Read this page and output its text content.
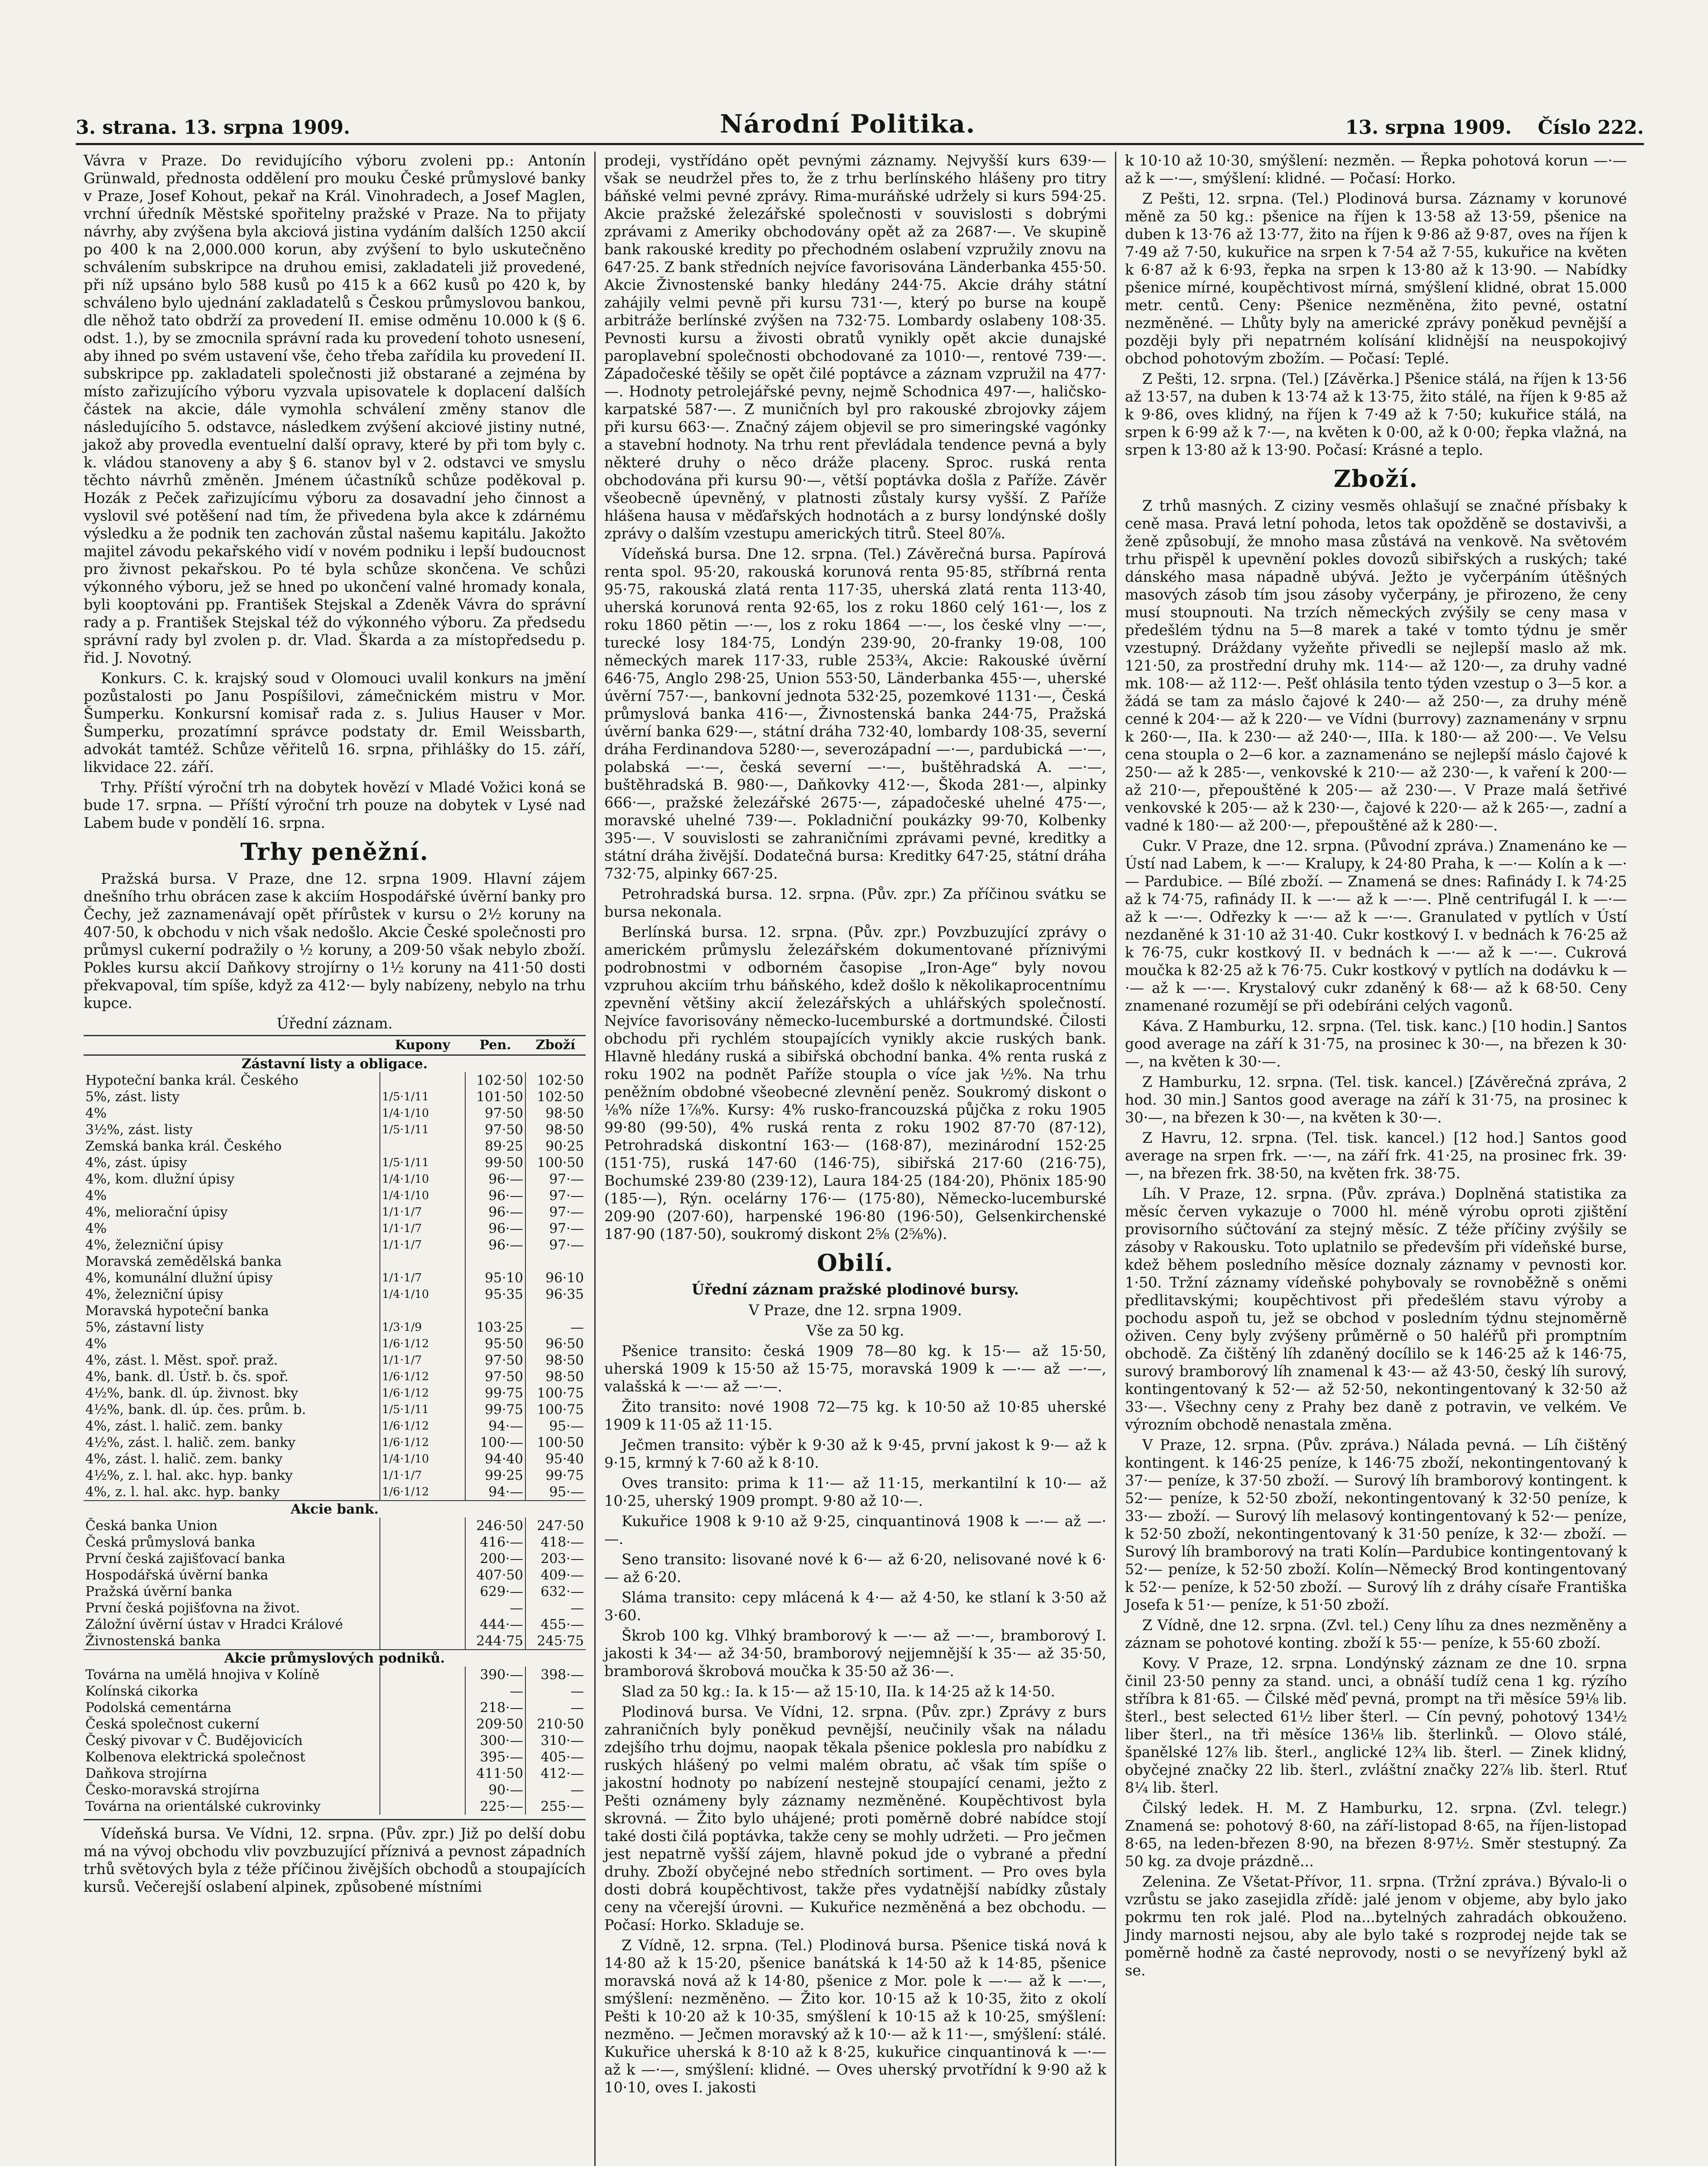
3. strana. 13. srpna 1909.	Národní Politika.	13. srpna 1909. Číslo 222.

Vávra v Praze. Do revidujícího výboru zvoleni pp.: Antonín Grünwald, přednosta oddělení pro mouku České průmyslové banky v Praze, Josef Kohout, pekař na Král. Vinohradech, a Josef Maglen, vrchní úředník Městské spořitelny pražské v Praze. Na to přijaty návrhy, aby zvýšena byla akciová jistina vydáním dalších 1250 akcií po 400 k na 2,000.000 korun, aby zvýšení to bylo uskutečněno schválením subskripce na druhou emisi, zakladateli již provedené, při níž upsáno bylo 588 kusů po 415 k a 662 kusů po 420 k, by schváleno bylo ujednání zakladatelů s Českou průmyslovou bankou, dle něhož tato obdrží za provedení II. emise odměnu 10.000 k (§ 6. odst. 1.), by se zmocnila správní rada ku provedení tohoto usnesení, aby ihned po svém ustavení vše, čeho třeba zařídila ku provedení II. subskripce pp. zakladateli společnosti již obstarané a zejména by místo zařizujícího výboru vyzvala upisovatele k doplacení dalších částek na akcie, dále vymohla schválení změny stanov dle následujícího 5. odstavce, následkem zvýšení akciové jistiny nutné, jakož aby provedla eventuelní další opravy, které by při tom byly c. k. vládou stanoveny a aby § 6. stanov byl v 2. odstavci ve smyslu těchto návrhů změněn. Jménem účastníků schůze poděkoval p. Hozák z Peček zařizujícímu výboru za dosavadní jeho činnost a vyslovil své potěšení nad tím, že přivedena byla akce k zdárnému výsledku a že podnik ten zachován zůstal našemu kapitálu. Jakožto majitel závodu pekařského vidí v novém podniku i lepší budoucnost pro živnost pekařskou. Po té byla schůze skončena. Ve schůzi výkonného výboru, jež se hned po ukončení valné hromady konala, byli kooptováni pp. František Stejskal a Zdeněk Vávra do správní rady a p. František Stejskal též do výkonného výboru. Za předsedu správní rady byl zvolen p. dr. Vlad. Škarda a za místopředsedu p. řid. J. Novotný.

Konkurs. C. k. krajský soud v Olomouci uvalil konkurs na jmění pozůstalosti po Janu Pospíšilovi, zámečnickém mistru v Mor. Šumperku. Konkursní komisař rada z. s. Julius Hauser v Mor. Šumperku, prozatímní správce podstaty dr. Emil Weissbarth, advokát tamtéž. Schůze věřitelů 16. srpna, přihlášky do 15. září, likvidace 22. září.

Trhy. Příští výroční trh na dobytek hovězí v Mladé Vožici koná se bude 17. srpna. — Příští výroční trh pouze na dobytek v Lysé nad Labem bude v pondělí 16. srpna.

Trhy peněžní.

Pražská bursa. V Praze, dne 12. srpna 1909. Hlavní zájem dnešního trhu obrácen zase k akciím Hospodářské úvěrní banky pro Čechy, jež zaznamenávají opět přírůstek v kursu o 2½ koruny na 407·50, k obchodu v nich však nedošlo. Akcie České společnosti pro průmysl cukerní podražily o ½ koruny, a 209·50 však nebylo zboží. Pokles kursu akcií Daňkovy strojírny o 1½ koruny na 411·50 dosti překvapoval, tím spíše, když za 412·— byly nabízeny, nebylo na trhu kupce.

Úřední záznam.
	Kupony	Pen.	Zboží
Zástavní listy a obligace.			
Hypoteční banka král. Českého		102·50	102·50
5%, zást. listy	1/5·1/11	101·50	102·50
4%	1/4·1/10	97·50	98·50
3½%, zást. listy	1/5·1/11	97·50	98·50
Zemská banka král. Českého		89·25	90·25
4%, zást. úpisy	1/5·1/11	99·50	100·50
4%, kom. dlužní úpisy	1/4·1/10	96·—	97·—
4%	1/4·1/10	96·—	97·—
4%, meliorační úpisy	1/1·1/7	96·—	97·—
4%	1/1·1/7	96·—	97·—
4%, železniční úpisy	1/1·1/7	96·—	97·—
Moravská zemědělská banka			
4%, komunální dlužní úpisy	1/1·1/7	95·10	96·10
4%, železniční úpisy	1/4·1/10	95·35	96·35
Moravská hypoteční banka			
5%, zástavní listy	1/3·1/9	103·25	—
4%	1/6·1/12	95·50	96·50
4%, zást. l. Měst. spoř. praž.	1/1·1/7	97·50	98·50
4%, bank. dl. Ústř. b. čs. spoř.	1/6·1/12	97·50	98·50
4½%, bank. dl. úp. živnost. bky	1/6·1/12	99·75	100·75
4½%, bank. dl. úp. čes. prům. b.	1/5·1/11	99·75	100·75
4%, zást. l. halič. zem. banky	1/6·1/12	94·—	95·—
4½%, zást. l. halič. zem. banky	1/6·1/12	100·—	100·50
4%, zást. l. halič. zem. banky	1/4·1/10	94·40	95·40
4½%, z. l. hal. akc. hyp. banky	1/1·1/7	99·25	99·75
4%, z. l. hal. akc. hyp. banky	1/6·1/12	94·—	95·—
Akcie bank.			
Česká banka Union		246·50	247·50
Česká průmyslová banka		416·—	418·—
První česká zajišťovací banka		200·—	203·—
Hospodářská úvěrní banka		407·50	409·—
Pražská úvěrní banka		629·—	632·—
První česká pojišťovna na život.		—	—
Záložní úvěrní ústav v Hradci Králové		444·—	455·—
Živnostenská banka		244·75	245·75
Akcie průmyslových podniků.			
Továrna na umělá hnojiva v Kolíně		390·—	398·—
Kolínská cikorka		—	—
Podolská cementárna		218·—	—
Česká společnost cukerní		209·50	210·50
Český pivovar v Č. Budějovicích		300·—	310·—
Kolbenova elektrická společnost		395·—	405·—
Daňkova strojírna		411·50	412·—
Česko-moravská strojírna		90·—	—
Továrna na orientálské cukrovinky		225·—	255·—

Vídeňská bursa. Ve Vídni, 12. srpna. (Pův. zpr.) Již po delší dobu má na vývoj obchodu vliv povzbuzující příznivá a pevnost západních trhů světových byla z téže příčinou živějších obchodů a stoupajících kursů. Večerejší oslabení alpinek, způsobené místními

prodeji, vystřídáno opět pevnými záznamy. Nejvyšší kurs 639·— však se neudržel přes to, že z trhu berlínského hlášeny pro titry báňské velmi pevné zprávy. Rima-muráňské udržely si kurs 594·25. Akcie pražské železářské společnosti v souvislosti s dobrými zprávami z Ameriky obchodovány opět až za 2687·—. Ve skupině bank rakouské kredity po přechodném oslabení vzpružily znovu na 647·25. Z bank středních nejvíce favorisována Länderbanka 455·50. Akcie Živnostenské banky hledány 244·75. Akcie dráhy státní zahájily velmi pevně při kursu 731·—, který po bursе na koupě arbitráže berlínské zvýšen na 732·75. Lombardy oslabeny 108·35. Pevnosti kursu a živosti obratů vynikly opět akcie dunajské paroplavební společnosti obchodované za 1010·—, rentové 739·—. Západočeské těšily se opět čilé poptávce a záznam vzpružil na 477·—. Hodnoty petrolejářské pevny, nejmě Schodnica 497·—, haličsko-karpatské 587·—. Z muničních byl pro rakouské zbrojovky zájem při kursu 663·—. Značný zájem objevil se pro simeringské vagónky a stavební hodnoty. Na trhu rent převládala tendence pevná a byly některé druhy o něco dráže placeny. Sproc. ruská renta obchodována při kursu 90·—, větší poptávka došla z Paříže. Závěr všeobecně úpevněný, v platnosti zůstaly kursy vyšší. Z Paříže hlášena hausa v měďařských hodnotách a z bursy londýnské došly zprávy o dalším vzestupu amerických titrů. Steel 80⅞.

Vídeňská bursa. Dne 12. srpna. (Tel.) Závěrečná bursa. Papírová renta spol. 95·20, rakouská korunová renta 95·85, stříbrná renta 95·75, rakouská zlatá renta 117·35, uherská zlatá renta 113·40, uherská korunová renta 92·65, los z roku 1860 celý 161·—, los z roku 1860 pětin —·—, los z roku 1864 —·—, los české vlny —·—, turecké losy 184·75, Londýn 239·90, 20-franky 19·08, 100 německých marek 117·33, ruble 253¾, Akcie: Rakouské úvěrní 646·75, Anglo 298·25, Union 553·50, Länderbanka 455·—, uherské úvěrní 757·—, bankovní jednota 532·25, pozemkové 1131·—, Česká průmyslová banka 416·—, Živnostenská banka 244·75, Pražská úvěrní banka 629·—, státní dráha 732·40, lombardy 108·35, severní dráha Ferdinandova 5280·—, severozápadní —·—, pardubická —·—, polabská —·—, česká severní —·—, buštěhradská A. —·—, buštěhradská B. 980·—, Daňkovky 412·—, Škoda 281·—, alpinky 666·—, pražské železářské 2675·—, západočeské uhelné 475·—, moravské uhelné 739·—. Pokladniční poukázky 99·70, Kolbenky 395·—. V souvislosti se zahraničními zprávami pevné, kreditky a státní dráha živější. Dodatečná bursa: Kreditky 647·25, státní dráha 732·75, alpinky 667·25.

Petrohradská bursa. 12. srpna. (Pův. zpr.) Za příčinou svátku se bursa nekonala.

Berlínská bursa. 12. srpna. (Pův. zpr.) Povzbuzující zprávy o americkém průmyslu železářském dokumentované příznivými podrobnostmi v odborném časopise „Iron-Age“ byly novou vzpruhou akciím trhu báňského, kdež došlo k několikaprocentnímu zpevnění většiny akcií železářských a uhlářských společností. Nejvíce favorisovány německo-lucemburské a dortmundské. Čilosti obchodu při rychlém stoupajících vynikly akcie ruských bank. Hlavně hledány ruská a sibiřská obchodní banka. 4% renta ruská z roku 1902 na podnět Paříže stoupla o více jak ½%. Na trhu peněžním obdobné všeobecné zlevnění peněz. Soukromý diskont o ⅛% níže 1⅞%. Kursy: 4% rusko-francouzská půjčka z roku 1905 99·80 (99·50), 4% ruská renta z roku 1902 87·70 (87·12), Petrohradská diskontní 163·— (168·87), mezinárodní 152·25 (151·75), ruská 147·60 (146·75), sibiřská 217·60 (216·75), Bochumské 239·80 (239·12), Laura 184·25 (184·20), Phönix 185·90 (185·—), Rýn. ocelárny 176·— (175·80), Německo-lucemburské 209·90 (207·60), harpenské 196·80 (196·50), Gelsenkirchenské 187·90 (187·50), soukromý diskont 2⅝ (2⅝%).

Obilí.
Úřední záznam pražské plodinové bursy.
V Praze, dne 12. srpna 1909.
Vše za 50 kg.

Pšenice transito: česká 1909 78—80 kg. k 15·— až 15·50, uherská 1909 k 15·50 až 15·75, moravská 1909 k —·— až —·—, valašská k —·— až —·—.

Žito transito: nové 1908 72—75 kg. k 10·50 až 10·85 uherské 1909 k 11·05 až 11·15.

Ječmen transito: výběr k 9·30 až k 9·45, první jakost k 9·— až k 9·15, krmný k 7·60 až k 8·10.

Oves transito: prima k 11·— až 11·15, merkantilní k 10·— až 10·25, uherský 1909 prompt. 9·80 až 10·—.

Kukuřice 1908 k 9·10 až 9·25, cinquantinová 1908 k —·— až —·—.

Seno transito: lisované nové k 6·— až 6·20, nelisované nové k 6·— až 6·20.

Sláma transito: cepy mlácená k 4·— až 4·50, ke stlaní k 3·50 až 3·60.

Škrob 100 kg. Vlhký bramborový k —·— až —·—, bramborový I. jakosti k 34·— až 34·50, bramborový nejjemnější k 35·— až 35·50, bramborová škrobová moučka k 35·50 až 36·—.

Slad za 50 kg.: Ia. k 15·— až 15·10, IIa. k 14·25 až k 14·50.

Plodinová bursa. Ve Vídni, 12. srpna. (Pův. zpr.) Zprávy z burs zahraničních byly poněkud pevnější, neučinily však na náladu zdejšího trhu dojmu, naopak těkala pšenice poklesla pro nabídku z ruských hlášený po velmi malém obratu, ač však tím spíše o jakostní hodnoty po nabízení nestejně stoupající cenami, ježto z Pešti oznámeny byly záznamy nezměněné. Koupěchtivost byla skrovná. — Žito bylo uhájené; proti poměrně dobré nabídce stojí také dosti čilá poptávka, takže ceny se mohly udržeti. — Pro ječmen jest nepatrně vyšší zájem, hlavně pokud jde o vybrané a přední druhy. Zboží obyčejné nebo středních sortiment. — Pro oves byla dosti dobrá koupěchtivost, takže přes vydatnější nabídky zůstaly ceny na včerejší úrovni. — Kukuřice nezměněná a bez obchodu. — Počasí: Horko. Skladuje se.

Z Vídně, 12. srpna. (Tel.) Plodinová bursa. Pšenice tiská nová k 14·80 až k 15·20, pšenice banátská k 14·50 až k 14·85, pšenice moravská nová až k 14·80, pšenice z Mor. pole k —·— až k —·—, smýšlení: nezměněno. — Žito kor. 10·15 až k 10·35, žito z okolí Pešti k 10·20 až k 10·35, smýšlení k 10·15 až k 10·25, smýšlení: nezměno. — Ječmen moravský až k 10·— až k 11·—, smýšlení: stálé. Kukuřice uherská k 8·10 až k 8·25, kukuřice cinquantinová k —·— až k —·—, smýšlení: klidné. — Oves uherský prvotřídní k 9·90 až k 10·10, oves I. jakosti

k 10·10 až 10·30, smýšlení: nezměn. — Řepka pohotová korun —·— až k —·—, smýšlení: klidné. — Počasí: Horko.

Z Pešti, 12. srpna. (Tel.) Plodinová bursa. Záznamy v korunové měně za 50 kg.: pšenice na říjen k 13·58 až 13·59, pšenice na duben k 13·76 až 13·77, žito na říjen k 9·86 až 9·87, oves na říjen k 7·49 až 7·50, kukuřice na srpen k 7·54 až 7·55, kukuřice na květen k 6·87 až k 6·93, řepka na srpen k 13·80 až k 13·90. — Nabídky pšenice mírné, koupěchtivost mírná, smýšlení klidné, obrat 15.000 metr. centů. Ceny: Pšenice nezměněna, žito pevné, ostatní nezměněné. — Lhůty byly na americké zprávy poněkud pevnější a později byly při nepatrném kolísání klidnější na neuspokojivý obchod pohotovým zbožím. — Počasí: Teplé.

Z Pešti, 12. srpna. (Tel.) [Závěrka.] Pšenice stálá, na říjen k 13·56 až 13·57, na duben k 13·74 až k 13·75, žito stálé, na říjen k 9·85 až k 9·86, oves klidný, na říjen k 7·49 až k 7·50; kukuřice stálá, na srpen k 6·99 až k 7·—, na květen k 0·00, až k 0·00; řepka vlažná, na srpen k 13·80 až k 13·90. Počasí: Krásné a teplo.

Zboží.

Z trhů masných. Z ciziny vesměs ohlašují se značné přísbaky k ceně masa. Pravá letní pohoda, letos tak opožděně se dostavivši, a ženě způsobují, že mnoho masa zůstává na venkově. Na světovém trhu přispěl k upevnění pokles dovozů sibiřských a ruských; také dánského masa nápadně ubývá. Ježto je vyčerpáním útěšných masových zásob tím jsou zásoby vyčerpány, je přirozeno, že ceny musí stoupnouti. Na trzích německých zvýšily se ceny masa v předešlém týdnu na 5—8 marek a také v tomto týdnu je směr vzestupný. Dráždany vyžeňte přivedli se nejlepší maslo až mk. 121·50, za prostřední druhy mk. 114·— až 120·—, za druhy vadné mk. 108·— až 112·—. Pešť ohlásila tento týden vzestup o 3—5 kor. a žádá se tam za máslo čajové k 240·— až 250·—, za druhy méně cenné k 204·— až k 220·— ve Vídni (burrovy) zaznamenány v srpnu k 260·—, IIa. k 230·— až 240·—, IIIa. k 180·— až 200·—. Ve Velsu cena stoupla o 2—6 kor. a zaznamenáno se nejlepší máslo čajové k 250·— až k 285·—, venkovské k 210·— až 230·—, k vaření k 200·— až 210·—, přepouštěné k 205·— až 230·—. V Praze malá šetřivé venkovské k 205·— až k 230·—, čajové k 220·— až k 265·—, zadní a vadné k 180·— až 200·—, přepouštěné až k 280·—.

Cukr. V Praze, dne 12. srpna. (Původní zpráva.) Znamenáno ke — Ústí nad Labem, k —·— Kralupy, k 24·80 Praha, k —·— Kolín a k —·— Pardubice. — Bílé zboží. — Znamená se dnes: Rafinády I. k 74·25 až k 74·75, rafinády II. k —·— až k —·—. Plně centrifugál I. k —·— až k —·—. Odřezky k —·— až k —·—. Granulated v pytlích v Ústí nezdaněné k 31·10 až 31·40. Cukr kostkový I. v bednách k 76·25 až k 76·75, cukr kostkový II. v bednách k —·— až k —·—. Cukrová moučka k 82·25 až k 76·75. Cukr kostkový v pytlích na dodávku k —·— až k —·—. Krystalový cukr zdaněný k 68·— až k 68·50. Ceny znamenané rozumějí se při odebíráni celých vagonů.

Káva. Z Hamburku, 12. srpna. (Tel. tisk. kanc.) [10 hodin.] Santos good average na září k 31·75, na prosinec k 30·—, na březen k 30·—, na květen k 30·—.

Z Hamburku, 12. srpna. (Tel. tisk. kancel.) [Závěrečná zpráva, 2 hod. 30 min.] Santos good average na září k 31·75, na prosinec k 30·—, na březen k 30·—, na květen k 30·—.

Z Havru, 12. srpna. (Tel. tisk. kancel.) [12 hod.] Santos good average na srpen frk. —·—, na září frk. 41·25, na prosinec frk. 39·—, na březen frk. 38·50, na květen frk. 38·75.

Líh. V Praze, 12. srpna. (Pův. zpráva.) Doplněná statistika za měsíc červen vykazuje o 7000 hl. méně výrobu oproti zjištění provisorního súčtování za stejný měsíc. Z téže příčiny zvýšily se zásoby v Rakousku. Toto uplatnilo se především při vídeňské burse, kdež během posledního měsíce doznaly záznamy v pevnosti kor. 1·50. Tržní záznamy vídeňské pohybovaly se rovnoběžně s oněmi předlitavskými; koupěchtivost při předešlém stavu výroby a pochodu aspoň tu, jež se obchod v posledním týdnu stejnoměrně oživen. Ceny byly zvýšeny průměrně o 50 haléřů při promptním obchodě. Za čištěný líh zdaněný docílilo se k 146·25 až k 146·75, surový bramborový líh znamenal k 43·— až 43·50, český líh surový, kontingentovaný k 52·— až 52·50, nekontingentovaný k 32·50 až 33·—. Všechny ceny z Prahy bez daně z potravin, ve velkém. Ve výrozním obchodě nenastala změna.

V Praze, 12. srpna. (Pův. zpráva.) Nálada pevná. — Líh čištěný kontingent. k 146·25 peníze, k 146·75 zboží, nekontingentovaný k 37·— peníze, k 37·50 zboží. — Surový líh bramborový kontingent. k 52·— peníze, k 52·50 zboží, nekontingentovaný k 32·50 peníze, k 33·— zboží. — Surový líh melasový kontingentovaný k 52·— peníze, k 52·50 zboží, nekontingentovaný k 31·50 peníze, k 32·— zboží. — Surový líh bramborový na trati Kolín—Pardubice kontingentovaný k 52·— peníze, k 52·50 zboží. Kolín—Německý Brod kontingentovaný k 52·— peníze, k 52·50 zboží. — Surový líh z dráhy císaře Františka Josefa k 51·— peníze, k 51·50 zboží.

Z Vídně, dne 12. srpna. (Zvl. tel.) Ceny líhu za dnes nezměněny a záznam se pohotové konting. zboží k 55·— peníze, k 55·60 zboží.

Kovy. V Praze, 12. srpna. Londýnský záznam ze dne 10. srpna činil 23·50 penny za stand. unci, a obnáší tudíž cena 1 kg. rýzího stříbra k 81·65. — Čilské měď pevná, prompt na tři měsíce 59⅛ lib. šterl., best selected 61½ liber šterl. — Cín pevný, pohotový 134½ liber šterl., na tři měsíce 136⅛ lib. šterlinků. — Olovo stálé, španělské 12⅞ lib. šterl., anglické 12¾ lib. šterl. — Zinek klidný, obyčejné značky 22 lib. šterl., zvláštní značky 22⅞ lib. šterl. Rtuť 8¼ lib. šterl.

Čilský ledek. H. M. Z Hamburku, 12. srpna. (Zvl. telegr.) Znamená se: pohotový 8·60, na září-listopad 8·65, na říjen-listopad 8·65, na leden-březen 8·90, na březen 8·97½. Směr stestupný. Za 50 kg. za dvoje prázdně...

Zelenina. Ze Všetat-Přívor, 11. srpna. (Tržní zpráva.) Bývalo-li o vzrůstu se jako zasejidla zřídě: jalé jenom v objeme, aby bylo jako pokrmu ten rok jalé. Plod na...bytelných zahradách obkouženo. Jindy marnosti nejsou, aby ale bylo také s rozprodej nejde tak se poměrně hodně za časté neprovody, nosti o se nevyřízený bykl až se.
